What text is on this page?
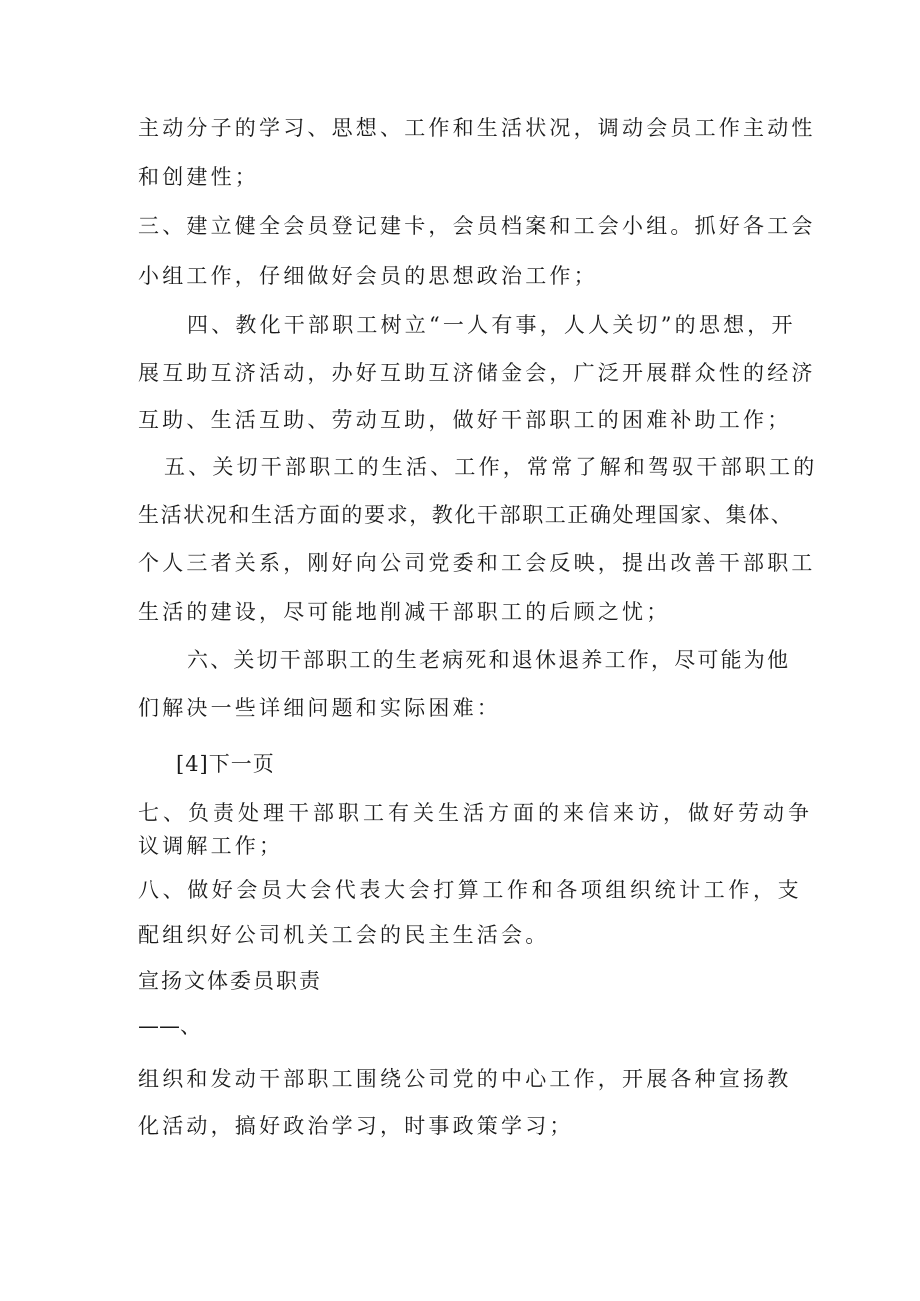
主动分子的学习、思想、工作和生活状况，调动会员工作主动性
和创建性；
三、建立健全会员登记建卡，会员档案和工会小组。抓好各工会
小组工作，仔细做好会员的思想政治工作；
四、教化干部职工树立“一人有事，人人关切”的思想，开
展互助互济活动，办好互助互济储金会，广泛开展群众性的经济
互助、生活互助、劳动互助，做好干部职工的困难补助工作；
五、关切干部职工的生活、工作，常常了解和驾驭干部职工的
生活状况和生活方面的要求，教化干部职工正确处理国家、集体、
个人三者关系，刚好向公司党委和工会反映，提出改善干部职工
生活的建设，尽可能地削减干部职工的后顾之忧；
六、关切干部职工的生老病死和退休退养工作，尽可能为他
们解决一些详细问题和实际困难：
[4]下一页
七、负责处理干部职工有关生活方面的来信来访，做好劳动争
议调解工作；
八、做好会员大会代表大会打算工作和各项组织统计工作，支
配组织好公司机关工会的民主生活会。
宣扬文体委员职责
——、
组织和发动干部职工围绕公司党的中心工作，开展各种宣扬教
化活动，搞好政治学习，时事政策学习；
